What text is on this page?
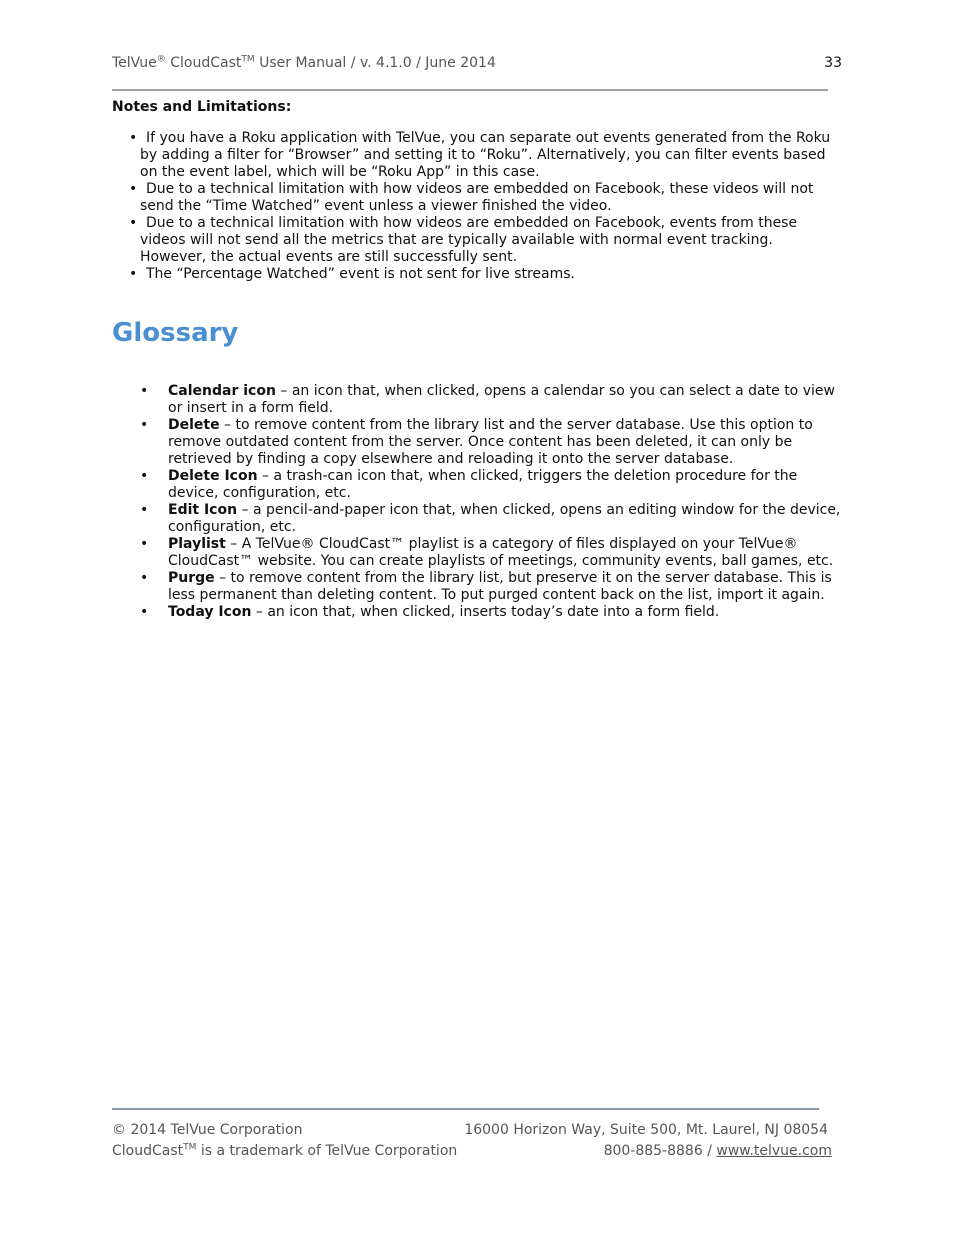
TelVue® CloudCast™ User Manual / v. 4.1.0 / June 2014	33
Notes and Limitations:
• If you have a Roku application with TelVue, you can separate out events generated from the Roku by adding a filter for “Browser” and setting it to “Roku”. Alternatively, you can filter events based on the event label, which will be “Roku App” in this case.
• Due to a technical limitation with how videos are embedded on Facebook, these videos will not send the “Time Watched” event unless a viewer finished the video.
• Due to a technical limitation with how videos are embedded on Facebook, events from these videos will not send all the metrics that are typically available with normal event tracking. However, the actual events are still successfully sent.
• The “Percentage Watched” event is not sent for live streams.
Glossary
• Calendar icon – an icon that, when clicked, opens a calendar so you can select a date to view or insert in a form field.
• Delete – to remove content from the library list and the server database. Use this option to remove outdated content from the server. Once content has been deleted, it can only be retrieved by finding a copy elsewhere and reloading it onto the server database.
• Delete Icon – a trash-can icon that, when clicked, triggers the deletion procedure for the device, configuration, etc.
• Edit Icon – a pencil-and-paper icon that, when clicked, opens an editing window for the device, configuration, etc.
• Playlist – A TelVue® CloudCast™ playlist is a category of files displayed on your TelVue® CloudCast™ website. You can create playlists of meetings, community events, ball games, etc.
• Purge – to remove content from the library list, but preserve it on the server database. This is less permanent than deleting content. To put purged content back on the list, import it again.
• Today Icon – an icon that, when clicked, inserts today’s date into a form field.
© 2014 TelVue Corporation	16000 Horizon Way, Suite 500, Mt. Laurel, NJ 08054
CloudCast™ is a trademark of TelVue Corporation	800-885-8886 / www.telvue.com
